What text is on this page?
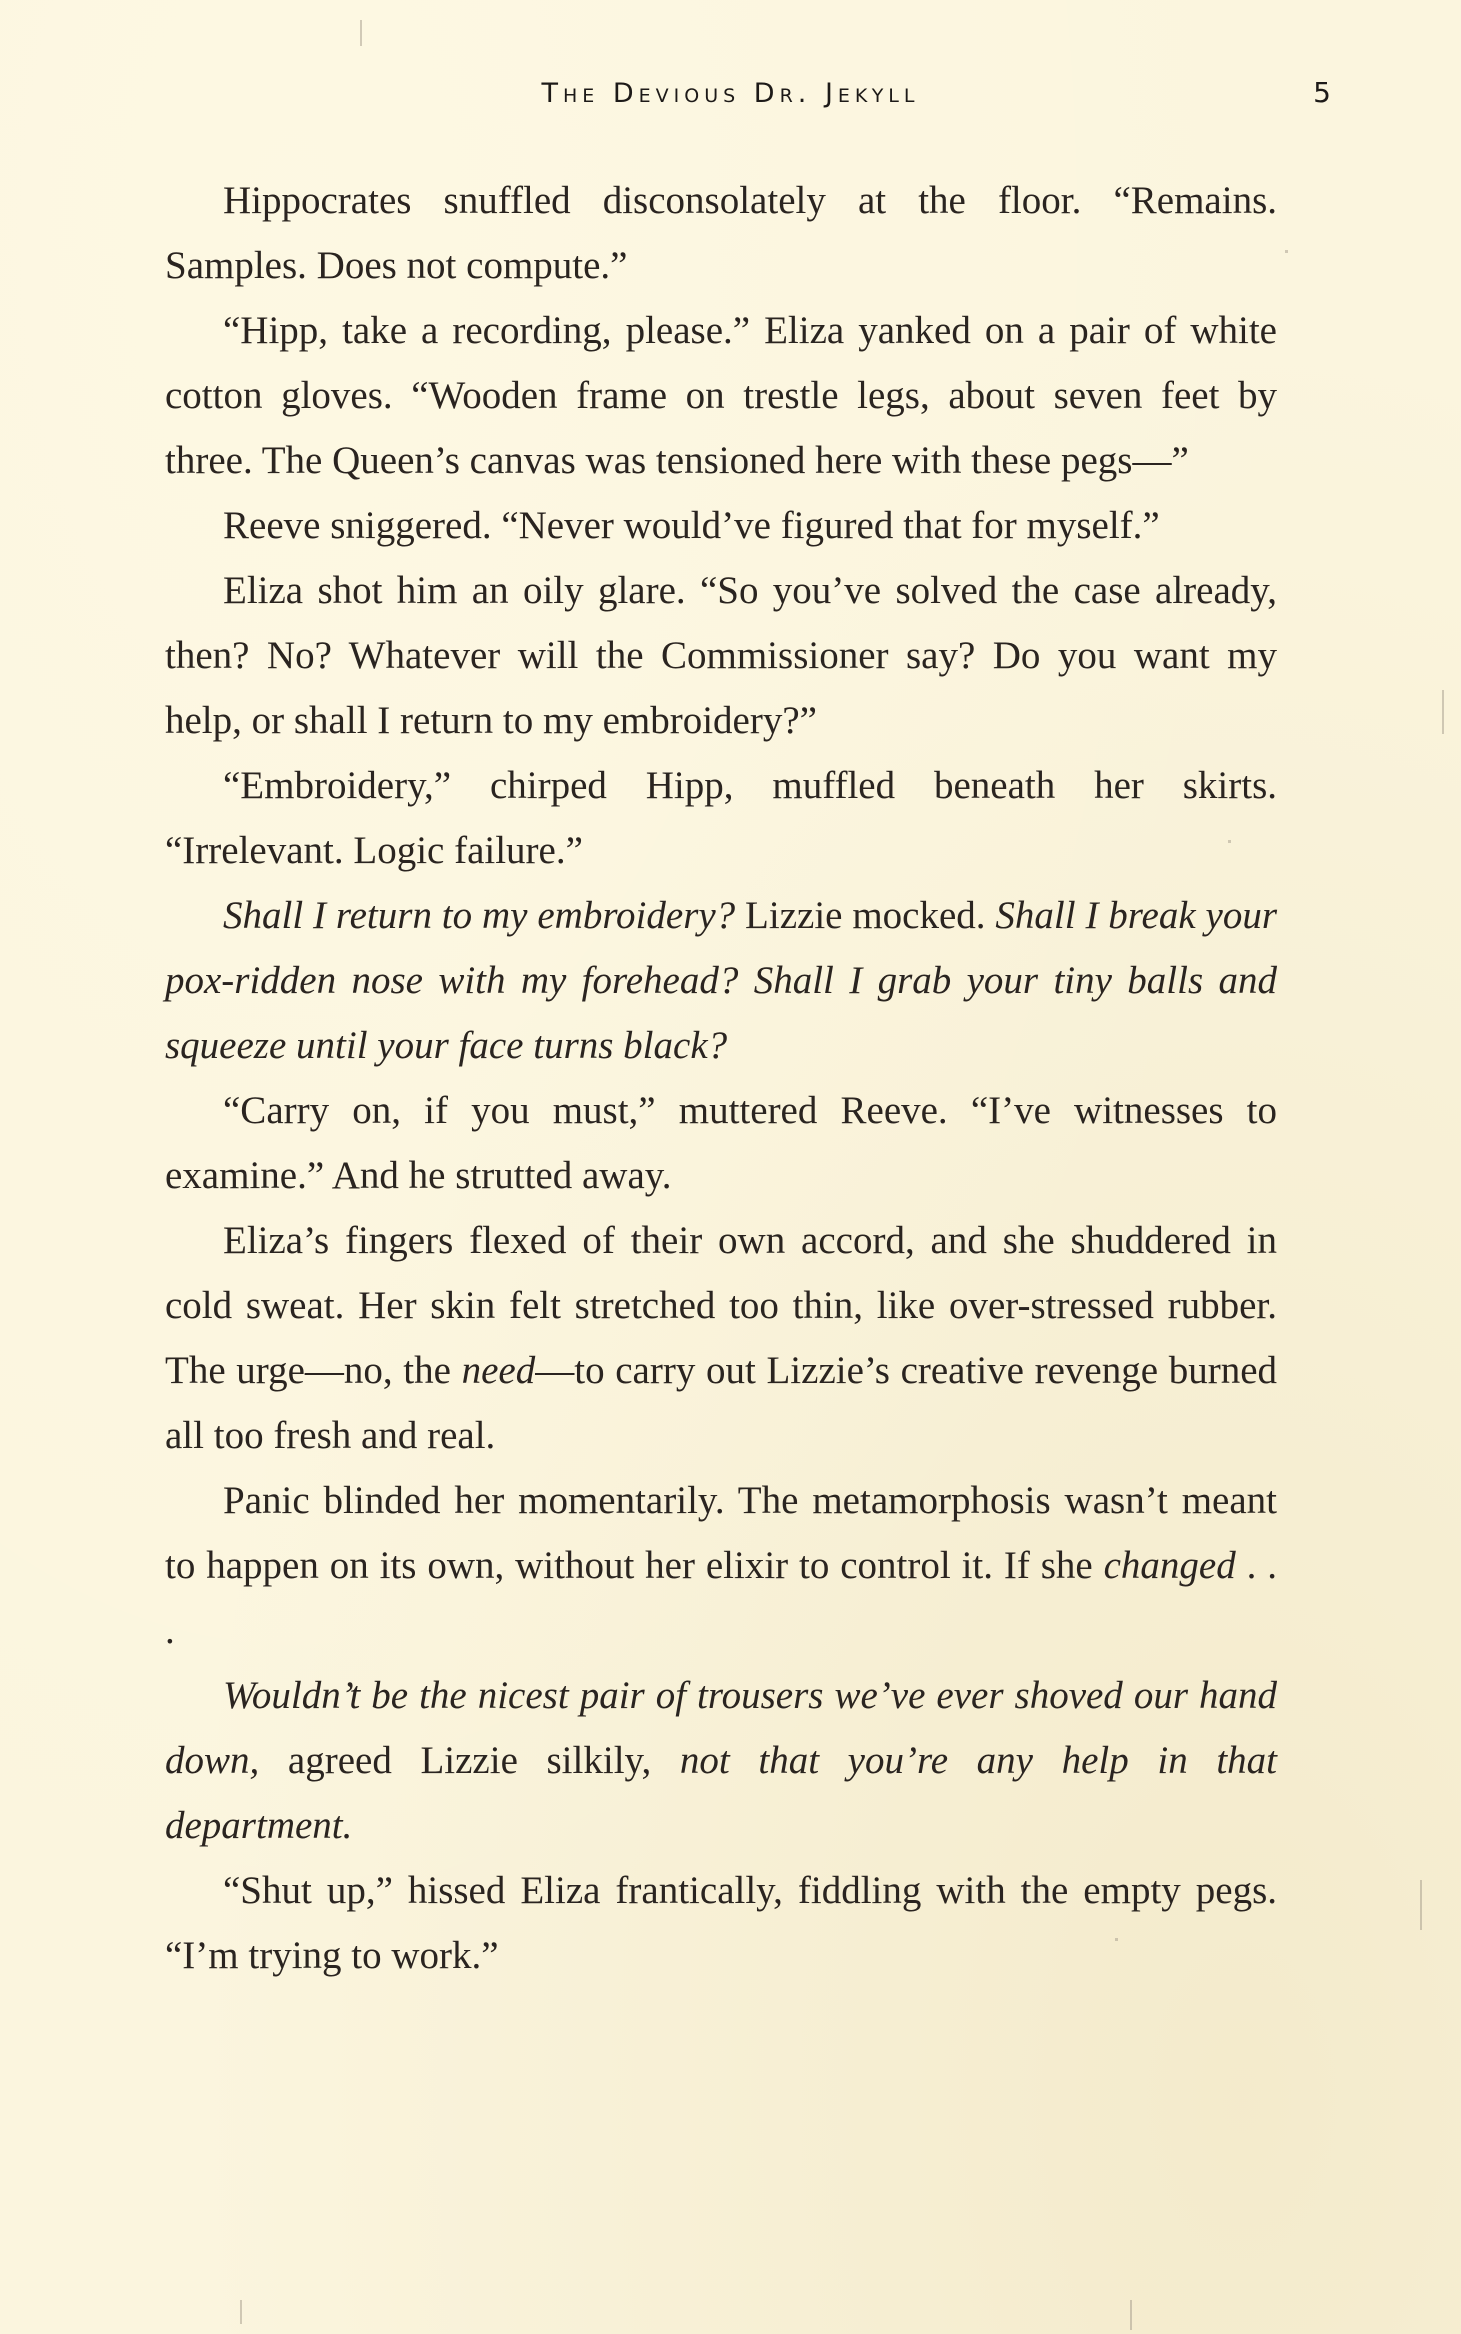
The Devious Dr. Jekyll	5

Hippocrates snuffled disconsolately at the floor. “Remains. Samples. Does not compute.”

“Hipp, take a recording, please.” Eliza yanked on a pair of white cotton gloves. “Wooden frame on trestle legs, about seven feet by three. The Queen’s canvas was tensioned here with these pegs—”

Reeve sniggered. “Never would’ve figured that for myself.”

Eliza shot him an oily glare. “So you’ve solved the case already, then? No? Whatever will the Commissioner say? Do you want my help, or shall I return to my embroidery?”

“Embroidery,” chirped Hipp, muffled beneath her skirts. “Irrelevant. Logic failure.”

Shall I return to my embroidery? Lizzie mocked. Shall I break your pox-ridden nose with my forehead? Shall I grab your tiny balls and squeeze until your face turns black?

“Carry on, if you must,” muttered Reeve. “I’ve witnesses to examine.” And he strutted away.

Eliza’s fingers flexed of their own accord, and she shuddered in cold sweat. Her skin felt stretched too thin, like over-stressed rubber. The urge—no, the need—to carry out Lizzie’s creative revenge burned all too fresh and real.

Panic blinded her momentarily. The metamorphosis wasn’t meant to happen on its own, without her elixir to control it. If she changed . . .

Wouldn’t be the nicest pair of trousers we’ve ever shoved our hand down, agreed Lizzie silkily, not that you’re any help in that department.

“Shut up,” hissed Eliza frantically, fiddling with the empty pegs. “I’m trying to work.”
